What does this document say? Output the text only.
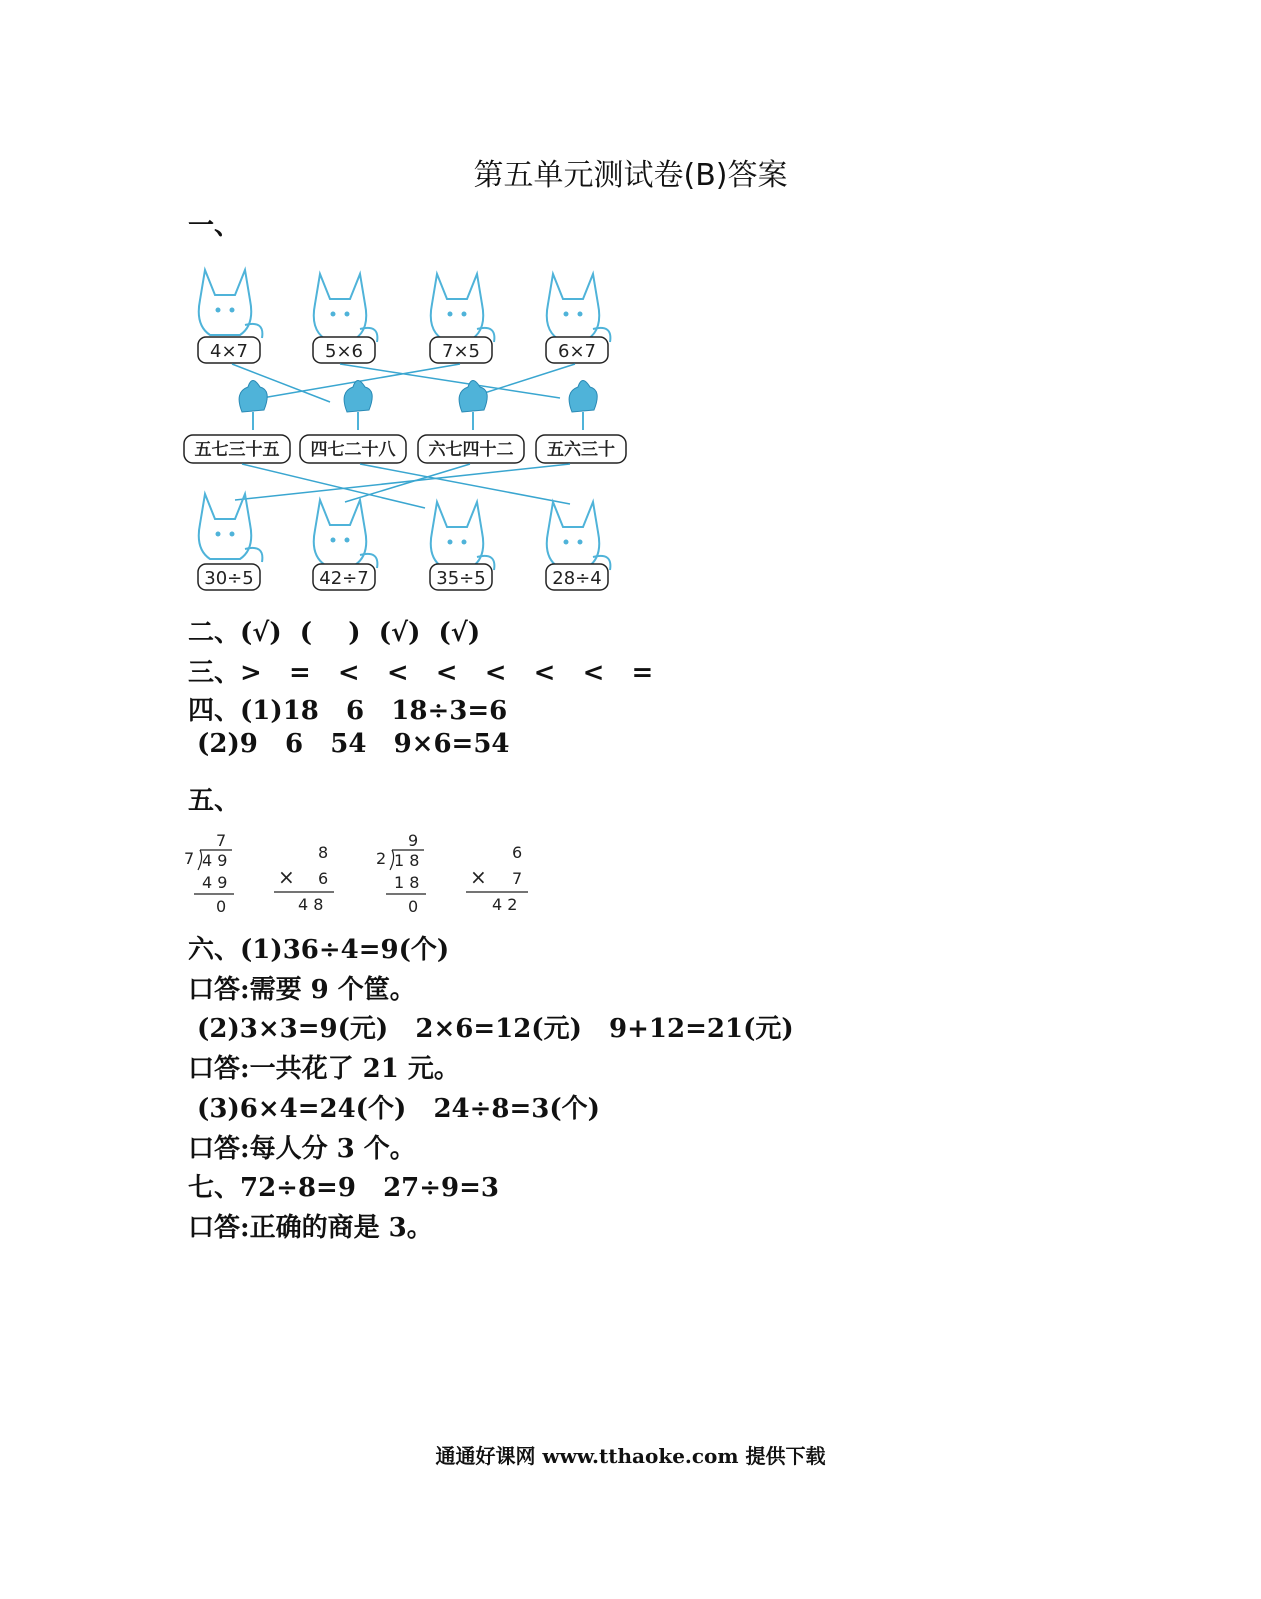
第五单元测试卷(B)答案
一、
4×7	5×6	7×5	6×7
五七三十五 四七二十八 六七四十二 五六三十
30÷5	42÷7	35÷5	28÷4
二、(√)  (    )  (√)  (√)
三、>   =   <   <   <   <   <   <   =
四、(1)18   6   18÷3=6
(2)9   6   54   9×6=54
五、
7
7 4 9
4 9
0
8
× 6
4 8
9
2 1 8
1 8
0
6
× 7
4 2
六、(1)36÷4=9(个)
口答:需要 9 个筐。
(2)3×3=9(元)   2×6=12(元)   9+12=21(元)
口答:一共花了 21 元。
(3)6×4=24(个)   24÷8=3(个)
口答:每人分 3 个。
七、72÷8=9   27÷9=3
口答:正确的商是 3。
通通好课网 www.tthaoke.com 提供下载
